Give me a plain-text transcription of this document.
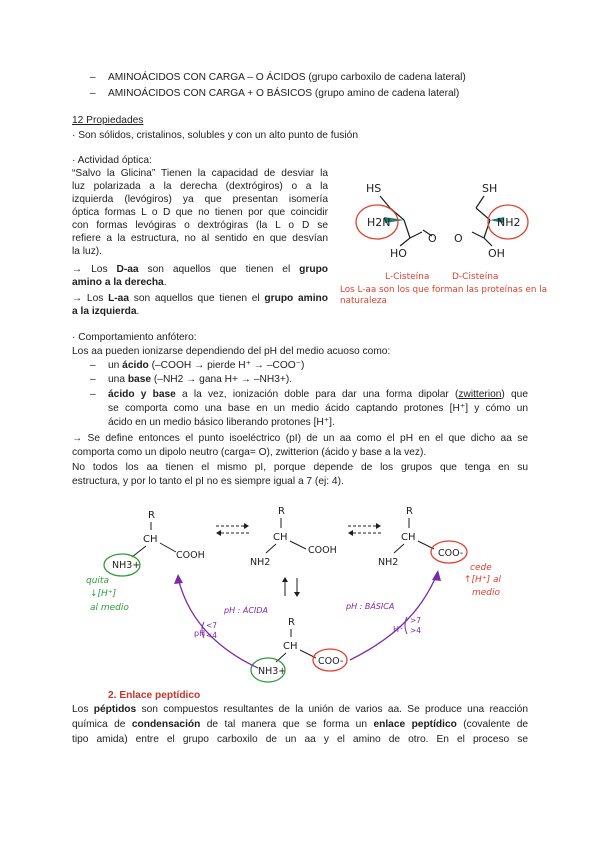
– AMINOÁCIDOS CON CARGA – O ÁCIDOS (grupo carboxilo de cadena lateral)
– AMINOÁCIDOS CON CARGA + O BÁSICOS (grupo amino de cadena lateral)
12 Propiedades
· Son sólidos, cristalinos, solubles y con un alto punto de fusión
· Actividad óptica:
“Salvo la Glicina” Tienen la capacidad de desviar la
luz polarizada a la derecha (dextrógiros) o a la
izquierda (levógiros) ya que presentan isomería
óptica formas L o D que no tienen por que coincidir
con formas levógiras o dextrógiras (la L o D se
refiere a la estructura, no al sentido en que desvían
la luz).
→ Los D-aa son aquellos que tienen el grupo
amino a la derecha.
→ Los L-aa son aquellos que tienen el grupo amino
a la izquierda.
HS
H2N
HO
O
SH
NH2
OH
O
L-Cisteína	D-Cisteína
Los L-aa son los que forman las proteínas en la
naturaleza
· Comportamiento anfótero:
Los aa pueden ionizarse dependiendo del pH del medio acuoso como:
– un ácido (–COOH → pierde H⁺ → –COO⁻)
– una base (–NH2 → gana H+ → –NH3+).
– ácido y base a la vez, ionización doble para dar una forma dipolar (zwitterion) que
se comporta como una base en un medio ácido captando protones [H⁺] y cómo un
ácido en un medio básico liberando protones [H⁺].
→ Se define entonces el punto isoeléctrico (pI) de un aa como el pH en el que dicho aa se
comporta como un dipolo neutro (carga= O), zwitterion (ácido y base a la vez).
No todos los aa tienen el mismo pI, porque depende de los grupos que tenga en su
estructura, y por lo tanto el pI no es siempre igual a 7 (ej: 4).
R
CH
COOH
NH3+
quita
↓[H⁺]
al medio
R
CH
COOH
NH2
R
CH
NH2
COO-
cede
↑[H⁺] al
medio
R
CH
NH3+
COO-
pH : ÁCIDA	pH : BÁSICA
pH
<7
<4
H⁺
>7
>4
2. Enlace peptídico
Los péptidos son compuestos resultantes de la unión de varios aa. Se produce una reacción
química de condensación de tal manera que se forma un enlace peptídico (covalente de
tipo amida) entre el grupo carboxilo de un aa y el amino de otro. En el proceso se
